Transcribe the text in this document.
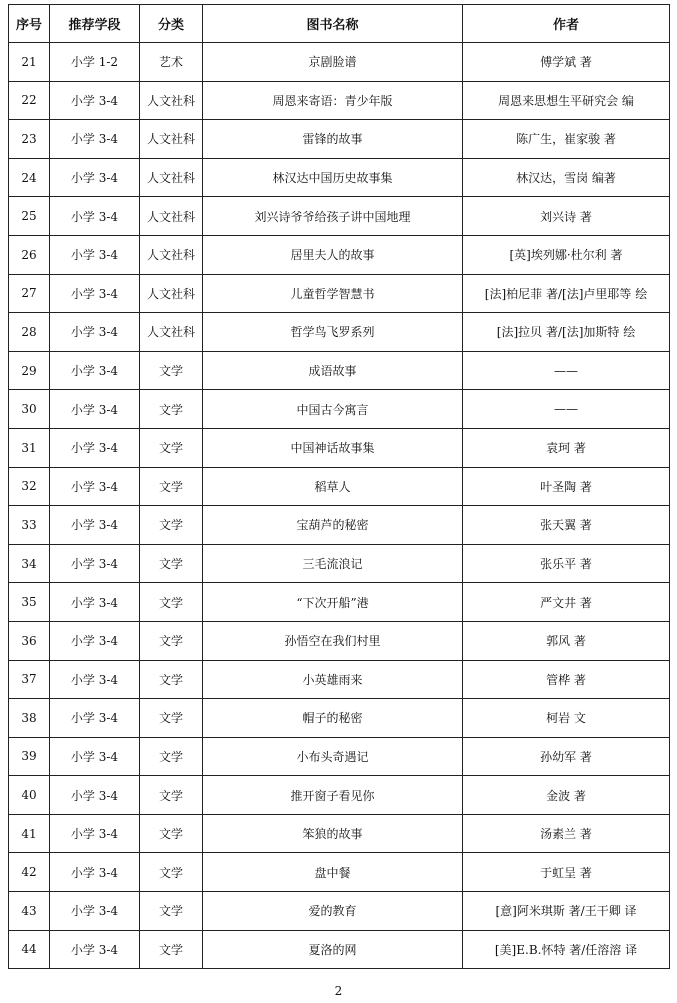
序号	推荐学段	分类	图书名称	作者
21	小学 1-2	艺术	京剧脸谱	傅学斌 著
22	小学 3-4	人文社科	周恩来寄语：青少年版	周恩来思想生平研究会 编
23	小学 3-4	人文社科	雷锋的故事	陈广生，崔家骏 著
24	小学 3-4	人文社科	林汉达中国历史故事集	林汉达，雪岗 编著
25	小学 3-4	人文社科	刘兴诗爷爷给孩子讲中国地理	刘兴诗 著
26	小学 3-4	人文社科	居里夫人的故事	[英]埃列娜·杜尔利 著
27	小学 3-4	人文社科	儿童哲学智慧书	[法]柏尼菲 著/[法]卢里耶等 绘
28	小学 3-4	人文社科	哲学鸟飞罗系列	[法]拉贝 著/[法]加斯特 绘
29	小学 3-4	文学	成语故事	——
30	小学 3-4	文学	中国古今寓言	——
31	小学 3-4	文学	中国神话故事集	袁珂 著
32	小学 3-4	文学	稻草人	叶圣陶 著
33	小学 3-4	文学	宝葫芦的秘密	张天翼 著
34	小学 3-4	文学	三毛流浪记	张乐平 著
35	小学 3-4	文学	“下次开船”港	严文井 著
36	小学 3-4	文学	孙悟空在我们村里	郭风 著
37	小学 3-4	文学	小英雄雨来	管桦 著
38	小学 3-4	文学	帽子的秘密	柯岩 文
39	小学 3-4	文学	小布头奇遇记	孙幼军 著
40	小学 3-4	文学	推开窗子看见你	金波 著
41	小学 3-4	文学	笨狼的故事	汤素兰 著
42	小学 3-4	文学	盘中餐	于虹呈 著
43	小学 3-4	文学	爱的教育	[意]阿米琪斯 著/王干卿 译
44	小学 3-4	文学	夏洛的网	[美]E.B.怀特 著/任溶溶 译
2
